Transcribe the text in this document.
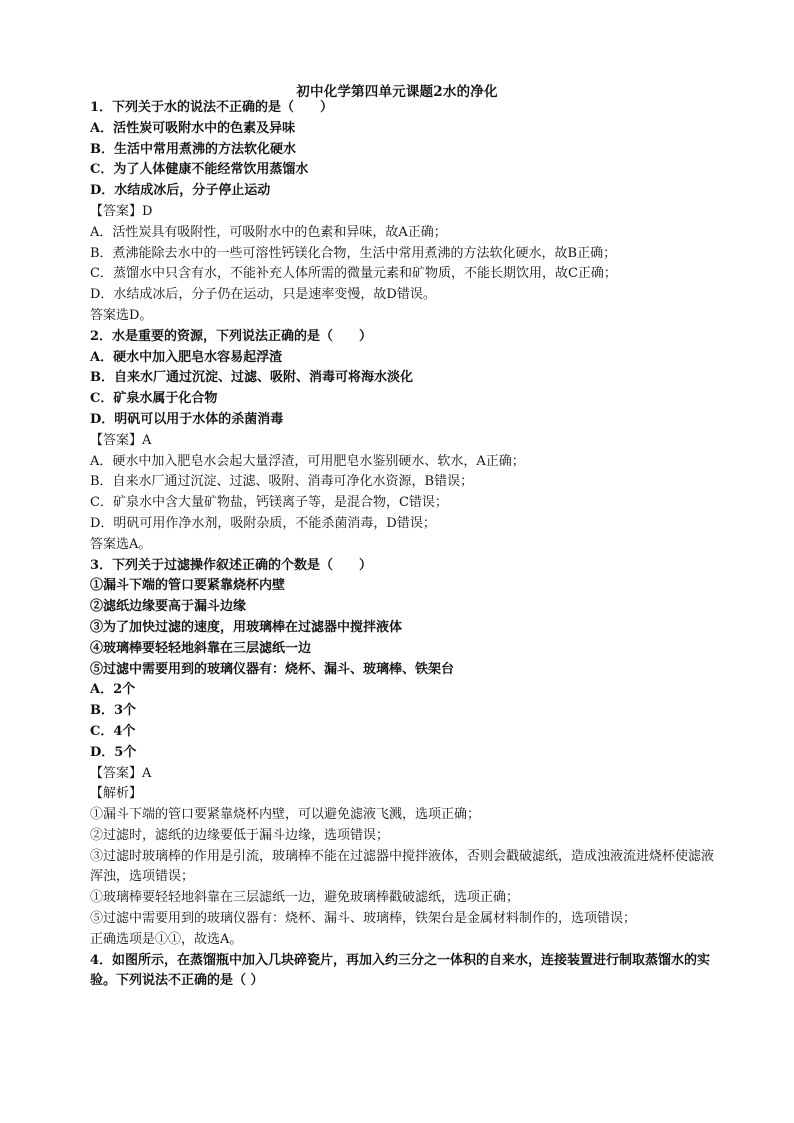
初中化学第四单元课题2水的净化

1．下列关于水的说法不正确的是（　　）

A．活性炭可吸附水中的色素及异味

B．生活中常用煮沸的方法软化硬水

C．为了人体健康不能经常饮用蒸馏水

D．水结成冰后，分子停止运动

【答案】D

A．活性炭具有吸附性，可吸附水中的色素和异味，故A正确；

B．煮沸能除去水中的一些可溶性钙镁化合物，生活中常用煮沸的方法软化硬水，故B正确；

C．蒸馏水中只含有水，不能补充人体所需的微量元素和矿物质，不能长期饮用，故C正确；

D．水结成冰后，分子仍在运动，只是速率变慢，故D错误。

答案选D。

2．水是重要的资源，下列说法正确的是（　　）

A．硬水中加入肥皂水容易起浮渣

B．自来水厂通过沉淀、过滤、吸附、消毒可将海水淡化

C．矿泉水属于化合物

D．明矾可以用于水体的杀菌消毒

【答案】A

A．硬水中加入肥皂水会起大量浮渣，可用肥皂水鉴别硬水、软水，A正确；

B．自来水厂通过沉淀、过滤、吸附、消毒可净化水资源，B错误；

C．矿泉水中含大量矿物盐，钙镁离子等，是混合物，C错误；

D．明矾可用作净水剂，吸附杂质，不能杀菌消毒，D错误；

答案选A。

3．下列关于过滤操作叙述正确的个数是（　　）

①漏斗下端的管口要紧靠烧杯内壁

②滤纸边缘要高于漏斗边缘

③为了加快过滤的速度，用玻璃棒在过滤器中搅拌液体

④玻璃棒要轻轻地斜靠在三层滤纸一边

⑤过滤中需要用到的玻璃仪器有：烧杯、漏斗、玻璃棒、铁架台

A．2个

B．3个

C．4个

D．5个

【答案】A

【解析】

①漏斗下端的管口要紧靠烧杯内壁，可以避免滤液飞溅，选项正确；

②过滤时，滤纸的边缘要低于漏斗边缘，选项错误；

③过滤时玻璃棒的作用是引流，玻璃棒不能在过滤器中搅拌液体，否则会戳破滤纸，造成浊液流进烧杯使滤液浑浊，选项错误；

①玻璃棒要轻轻地斜靠在三层滤纸一边，避免玻璃棒戳破滤纸，选项正确；

⑤过滤中需要用到的玻璃仪器有：烧杯、漏斗、玻璃棒，铁架台是金属材料制作的，选项错误；

正确选项是①①，故选A。

4．如图所示，在蒸馏瓶中加入几块碎瓷片，再加入约三分之一体积的自来水，连接装置进行制取蒸馏水的实验。下列说法不正确的是（ ）
